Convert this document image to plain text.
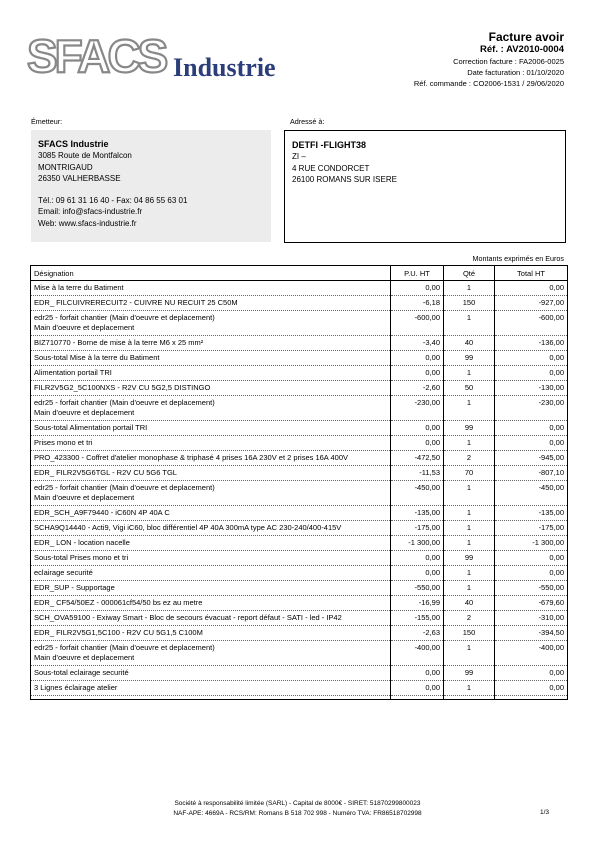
SFACS Industrie
Facture avoir
Réf. : AV2010-0004
Correction facture : FA2006-0025
Date facturation : 01/10/2020
Réf. commande : CO2006-1531 / 29/06/2020
Émetteur:	Adressé à:
SFACS Industrie
3085 Route de Montfalcon
MONTRIGAUD
26350 VALHERBASSE
Tél.: 09 61 31 16 40 - Fax: 04 86 55 63 01
Email: info@sfacs-industrie.fr
Web: www.sfacs-industrie.fr
DETFI -FLIGHT38
ZI –
4 RUE CONDORCET
26100 ROMANS SUR ISERE
Montants exprimés en Euros
Désignation	P.U. HT	Qté	Total HT

Mise à la terre du Batiment	0,00	1	0,00

EDR_ FILCUIVRERECUIT2 - CUIVRE NU RECUIT 25 C50M	-6,18	150	-927,00

edr25 - forfait chantier (Main d'oeuvre et deplacement)
Main d'oeuvre et deplacement	-600,00	1	-600,00

BIZ710770 - Borne de mise à la terre M6 x 25 mm²	-3,40	40	-136,00

Sous-total Mise à la terre du Batiment	0,00	99	0,00

Alimentation portail TRI	0,00	1	0,00

FILR2V5G2_5C100NXS - R2V CU 5G2,5 DISTINGO	-2,60	50	-130,00

edr25 - forfait chantier (Main d'oeuvre et deplacement)
Main d'oeuvre et deplacement	-230,00	1	-230,00

Sous-total Alimentation portail TRI	0,00	99	0,00

Prises mono et tri	0,00	1	0,00

PRO_423300 - Coffret d'atelier monophase & triphasé 4 prises 16A 230V et 2 prises 16A 400V	-472,50	2	-945,00

EDR_ FILR2V5G6TGL - R2V CU 5G6 TGL	-11,53	70	-807,10

edr25 - forfait chantier (Main d'oeuvre et deplacement)
Main d'oeuvre et deplacement	-450,00	1	-450,00

EDR_SCH_A9F79440 - iC60N 4P 40A C	-135,00	1	-135,00

SCHA9Q14440 - Acti9, Vigi iC60, bloc différentiel 4P 40A 300mA type AC 230-240/400-415V	-175,00	1	-175,00

EDR_ LON - location nacelle	-1 300,00	1	-1 300,00

Sous-total Prises mono et tri	0,00	99	0,00

eclairage securité	0,00	1	0,00

EDR_SUP - Supportage	-550,00	1	-550,00

EDR_ CF54/50EZ - 000061cf54/50 bs ez au metre	-16,99	40	-679,60

SCH_OVA59100 - Exiway Smart - Bloc de secours évacuat - report défaut - SATI - led - IP42	-155,00	2	-310,00

EDR_ FILR2V5G1,5C100 - R2V CU 5G1,5 C100M	-2,63	150	-394,50

edr25 - forfait chantier (Main d'oeuvre et deplacement)
Main d'oeuvre et deplacement	-400,00	1	-400,00

Sous-total eclairage securité	0,00	99	0,00

3 Lignes éclairage atelier	0,00	1	0,00

Société à responsabilité limitée (SARL) - Capital de 8000€ - SIRET: 51870299800023
NAF-APE: 4669A - RCS/RM: Romans B 518 702 998 - Numéro TVA: FR86518702998	1/3
